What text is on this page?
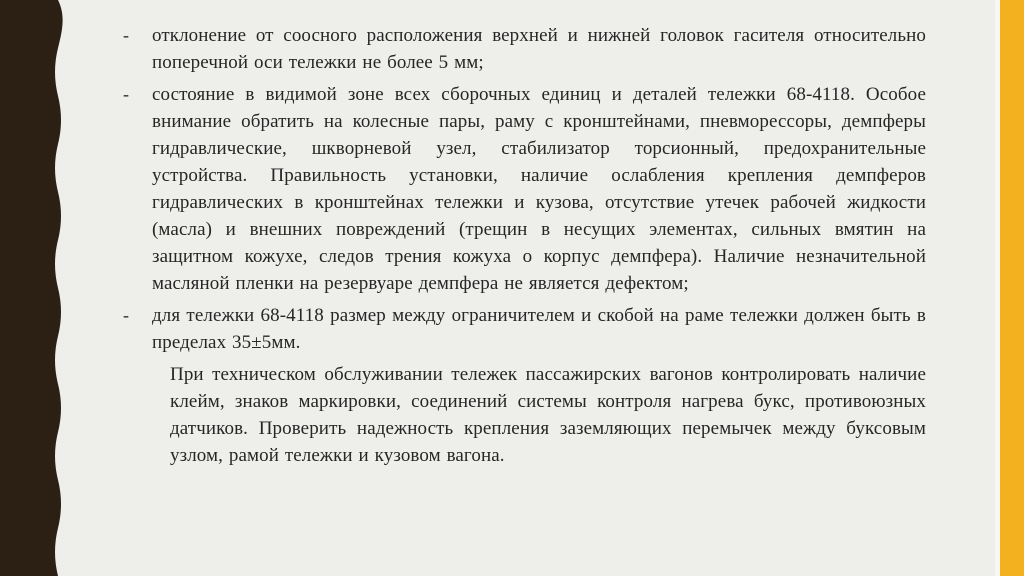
- отклонение от соосного расположения верхней и нижней головок гасителя относительно поперечной оси тележки не более 5 мм;
- состояние в видимой зоне всех сборочных единиц и деталей тележки 68-4118. Особое внимание обратить на колесные пары, раму с кронштейнами, пневморессоры, демпферы гидравлические, шкворневой узел, стабилизатор торсионный, предохранительные устройства. Правильность установки, наличие ослабления крепления демпферов гидравлических в кронштейнах тележки и кузова, отсутствие утечек рабочей жидкости (масла) и внешних повреждений (трещин в несущих элементах, сильных вмятин на защитном кожухе, следов трения кожуха о корпус демпфера). Наличие незначительной масляной пленки на резервуаре демпфера не является дефектом;
- для тележки 68-4118 размер между ограничителем и скобой на раме тележки должен быть в пределах 35±5мм.
При техническом обслуживании тележек пассажирских вагонов контролировать наличие клейм, знаков маркировки, соединений системы контроля нагрева букс, противоюзных датчиков. Проверить надежность крепления заземляющих перемычек между буксовым узлом, рамой тележки и кузовом вагона.
